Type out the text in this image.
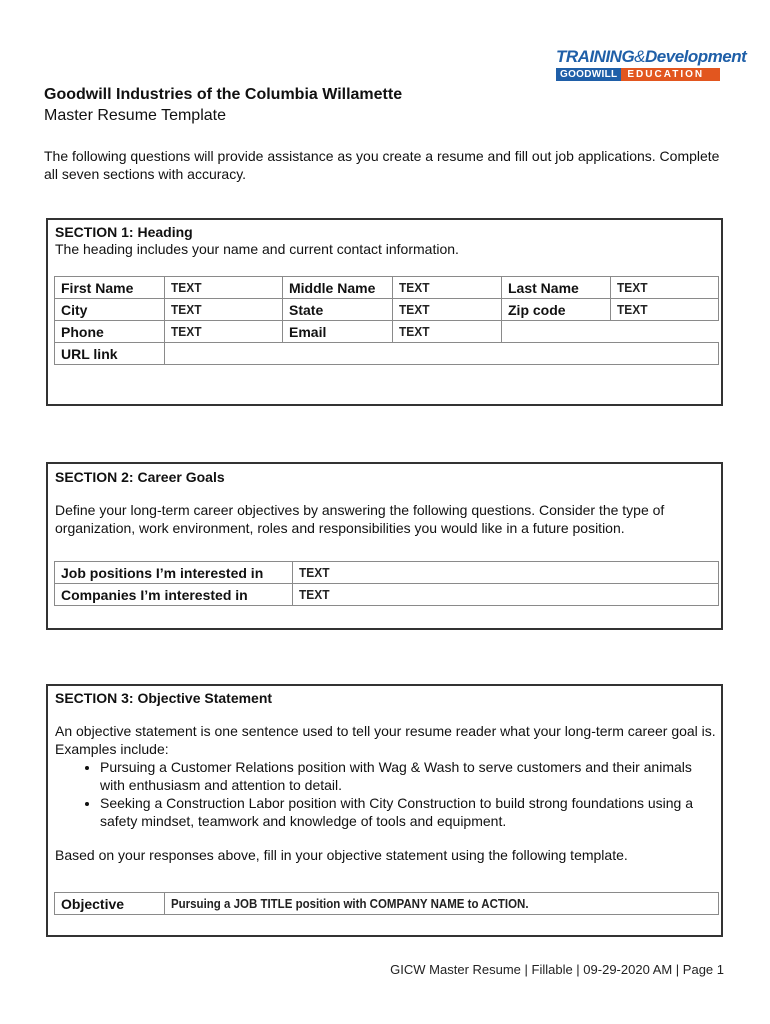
TRAINING&Development
GOODWILL	EDUCATION
Goodwill Industries of the Columbia Willamette
Master Resume Template
The following questions will provide assistance as you create a resume and fill out job applications. Complete all seven sections with accuracy.
SECTION 1: Heading
The heading includes your name and current contact information.
First Name	TEXT	Middle Name	TEXT	Last Name	TEXT
City	TEXT	State	TEXT	Zip code	TEXT
Phone	TEXT	Email	TEXT		
URL link					
SECTION 2: Career Goals
Define your long-term career objectives by answering the following questions. Consider the type of organization, work environment, roles and responsibilities you would like in a future position.
Job positions I’m interested in	TEXT
Companies I’m interested in	TEXT
SECTION 3: Objective Statement
An objective statement is one sentence used to tell your resume reader what your long-term career goal is. Examples include:
• Pursuing a Customer Relations position with Wag & Wash to serve customers and their animals with enthusiasm and attention to detail.
• Seeking a Construction Labor position with City Construction to build strong foundations using a safety mindset, teamwork and knowledge of tools and equipment.
Based on your responses above, fill in your objective statement using the following template.
Objective	Pursuing a JOB TITLE position with COMPANY NAME to ACTION.
GICW Master Resume | Fillable | 09-29-2020 AM | Page 1
